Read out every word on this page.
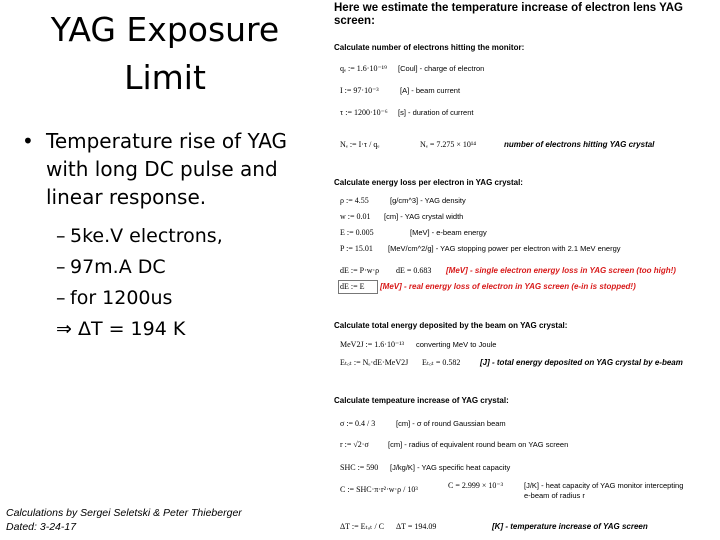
YAG Exposure
Limit
• Temperature rise of YAG with long DC pulse and linear response.
– 5ke.V electrons,
– 97m.A DC
– for 1200us
⇒ ΔT = 194 K
Calculations by Sergei Seletski & Peter Thieberger
Dated: 3-24-17
Here we estimate the temperature increase of electron lens YAG screen:
Calculate number of electrons hitting the monitor:
qₑ := 1.6·10⁻¹⁹ [Coul] - charge of electron
I := 97·10⁻³	[A] - beam current
τ := 1200·10⁻⁶ [s] - duration of current
Nₑ := I·τ / qₑ	Nₑ = 7.275 × 10¹⁴	number of electrons hitting YAG crystal
Calculate energy loss per electron in YAG crystal:
ρ := 4.55	[g/cm^3] - YAG density
w := 0.01 [cm] - YAG crystal width
E := 0.005	[MeV] - e-beam energy
P := 15.01 [MeV/cm^2/g] - YAG stopping power per electron with 2.1 MeV energy
dE := P·w·ρ dE = 0.683 [MeV] - single electron energy loss in YAG screen (too high!)
dE := E [MeV] - real energy loss of electron in YAG screen (e-in is stopped!)
Calculate total energy deposited by the beam on YAG crystal:
MeV2J := 1.6·10⁻¹³ converting MeV to Joule
Eₜₒₜ := Nₑ·dE·MeV2J Eₜₒₜ = 0.582 [J] - total energy deposited on YAG crystal by e-beam
Calculate tempeature increase of YAG crystal:
σ := 0.4 / 3	[cm] - σ of round Gaussian beam
r := √2·σ	[cm] - radius of equivalent round beam on YAG screen
SHC := 590 [J/kg/K] - YAG specific heat capacity
C := SHC·π·r²·w·ρ / 10³	C = 2.999 × 10⁻³	[J/K] - heat capacity of YAG monitor intercepting
e-beam of radius r
ΔT := Eₜₒₜ / C ΔT = 194.09	[K] - temperature increase of YAG screen
